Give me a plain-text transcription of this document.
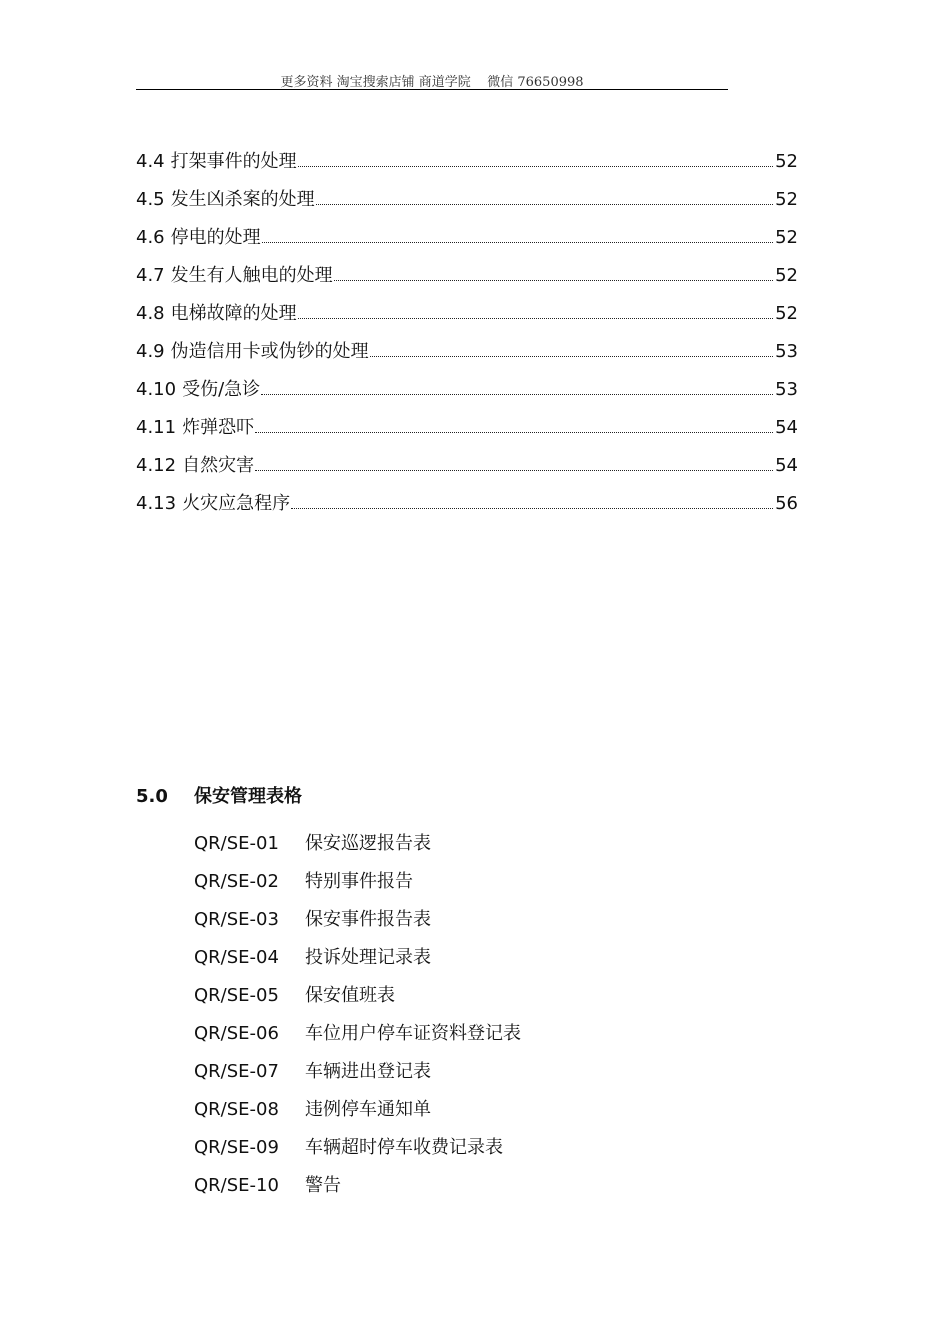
更多资料 淘宝搜索店铺 商道学院    微信 76650998
4.4 打架事件的处理	52
4.5 发生凶杀案的处理	52
4.6 停电的处理	52
4.7 发生有人触电的处理	52
4.8 电梯故障的处理	52
4.9 伪造信用卡或伪钞的处理	53
4.10 受伤/急诊	53
4.11 炸弹恐吓	54
4.12 自然灾害	54
4.13 火灾应急程序	56
5.0 保安管理表格
QR/SE-01 保安巡逻报告表
QR/SE-02 特别事件报告
QR/SE-03 保安事件报告表
QR/SE-04 投诉处理记录表
QR/SE-05 保安值班表
QR/SE-06 车位用户停车证资料登记表
QR/SE-07 车辆进出登记表
QR/SE-08 违例停车通知单
QR/SE-09 车辆超时停车收费记录表
QR/SE-10 警告
